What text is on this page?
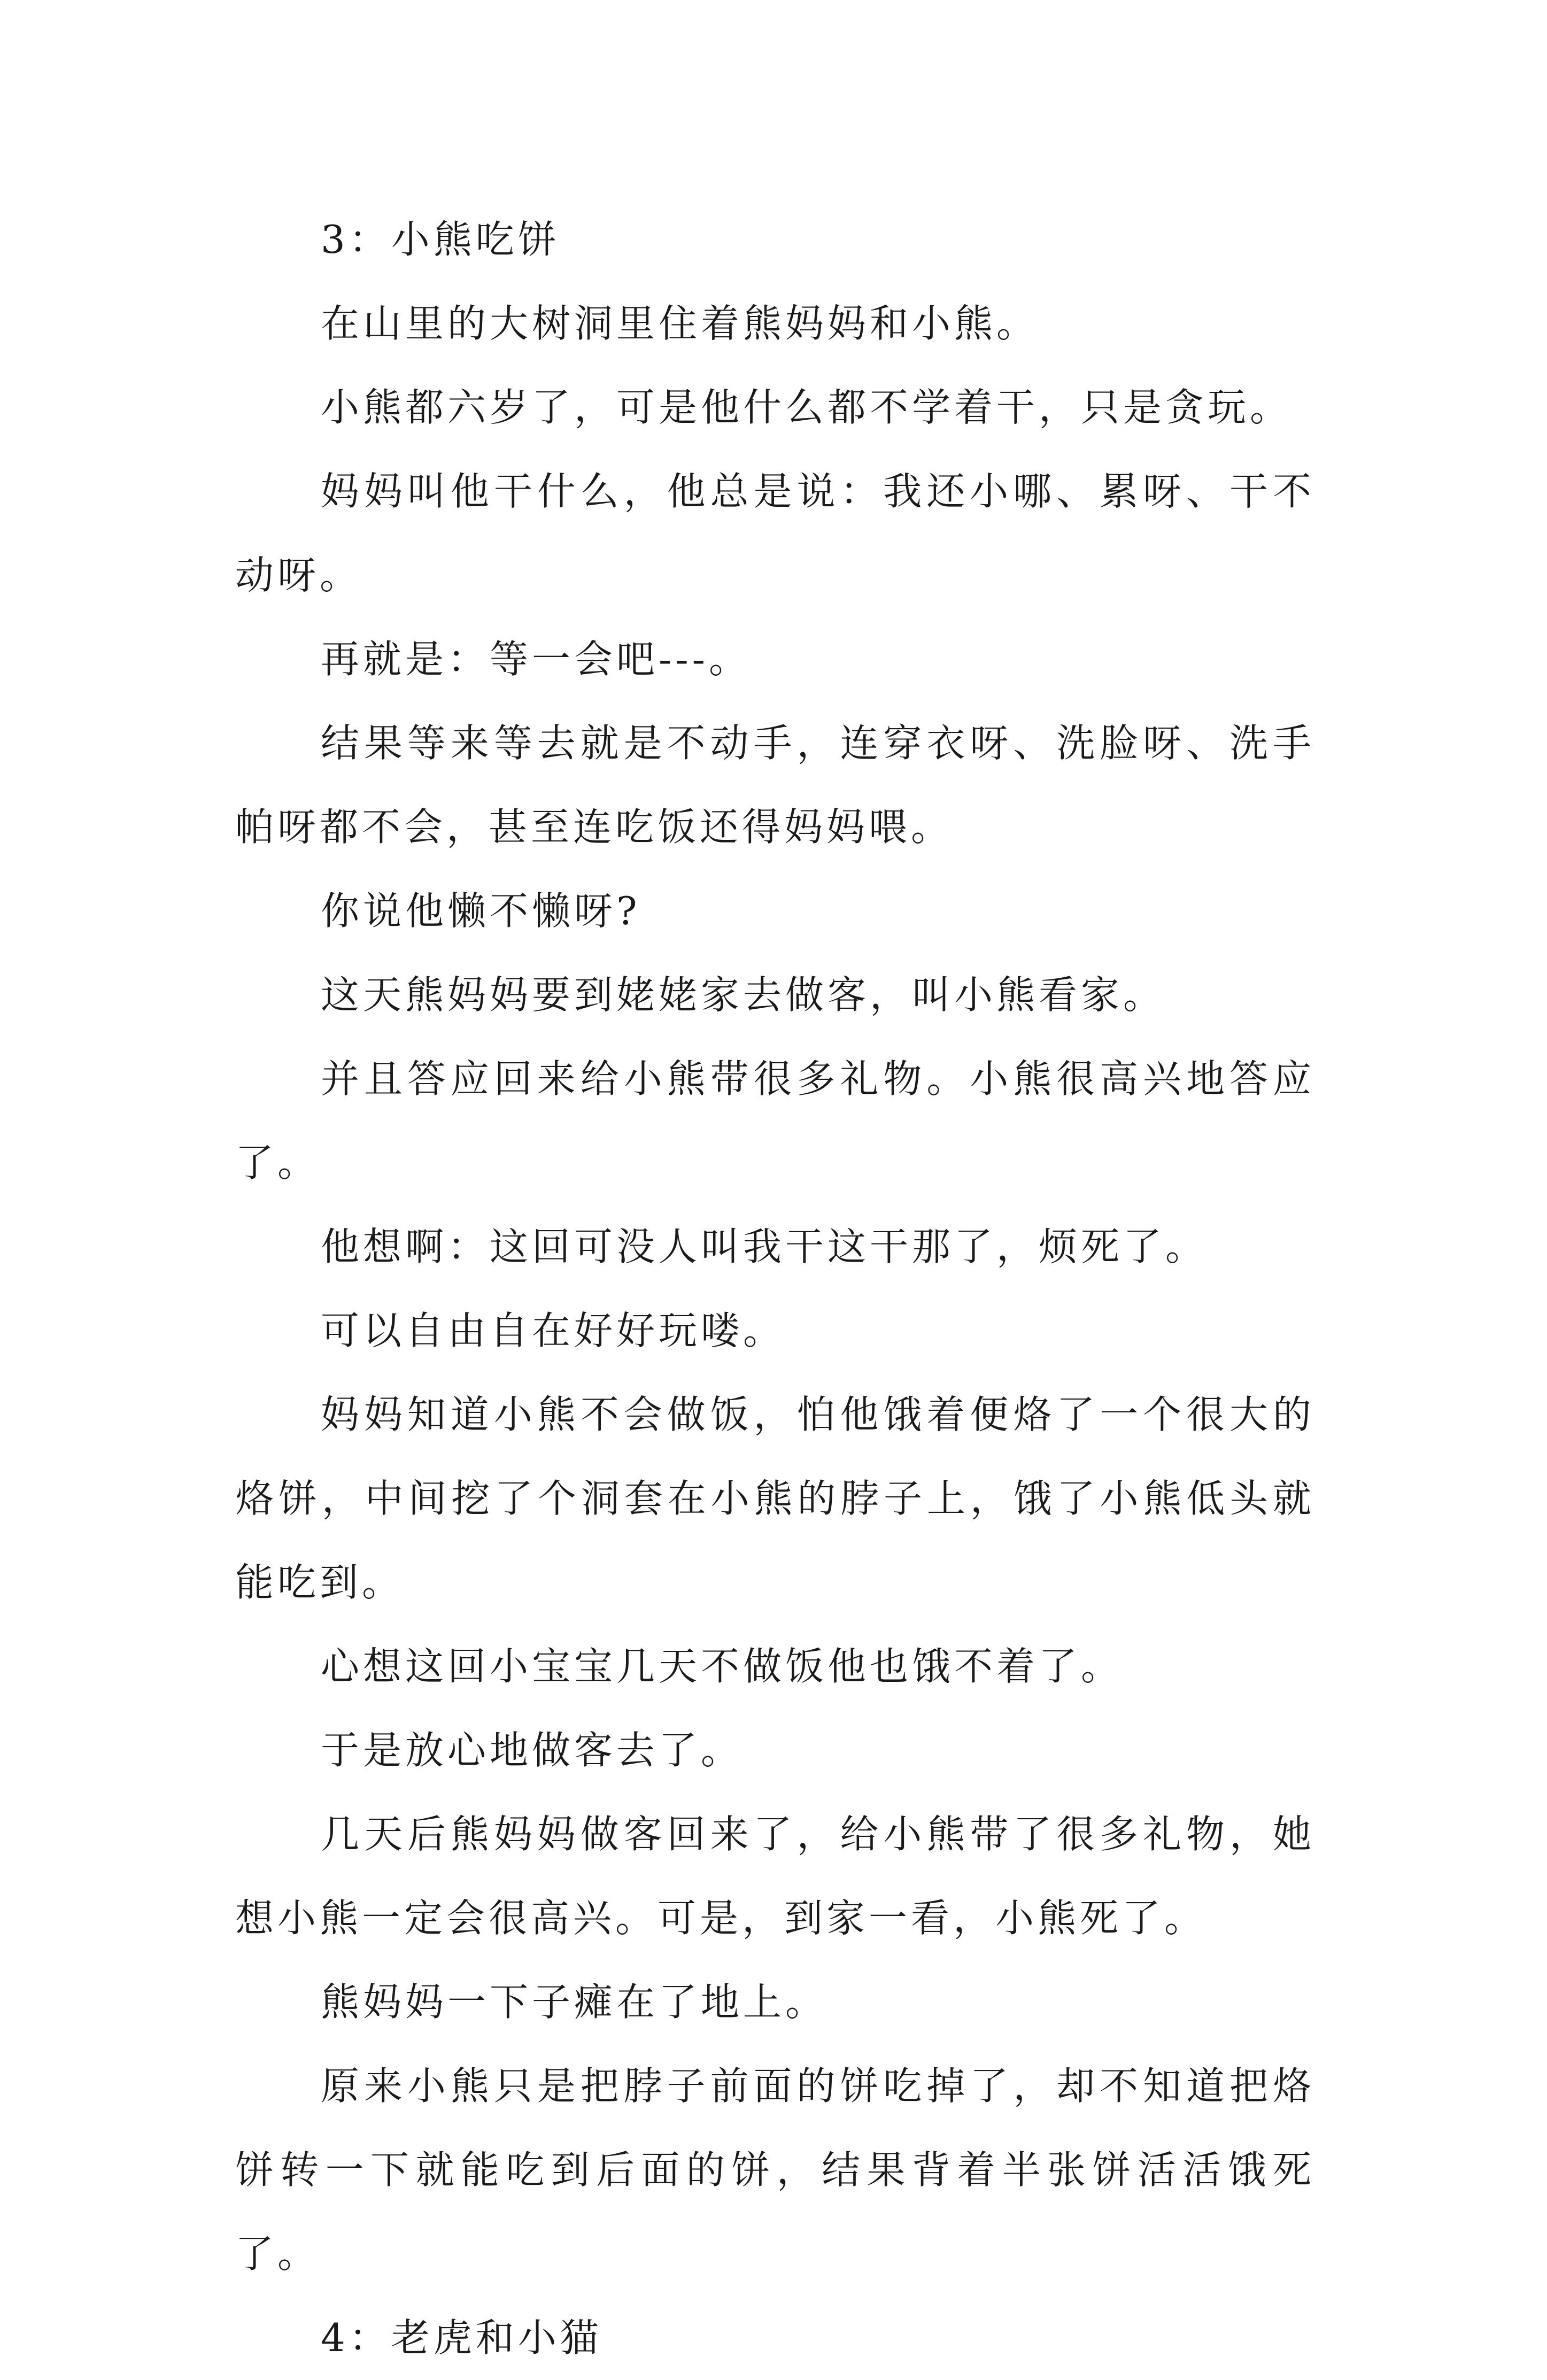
3：小熊吃饼

在山里的大树洞里住着熊妈妈和小熊。

小熊都六岁了，可是他什么都不学着干，只是贪玩。

妈妈叫他干什么，他总是说：我还小哪、累呀、干不动呀。

再就是：等一会吧---。

结果等来等去就是不动手，连穿衣呀、洗脸呀、洗手帕呀都不会，甚至连吃饭还得妈妈喂。

你说他懒不懒呀?

这天熊妈妈要到姥姥家去做客，叫小熊看家。

并且答应回来给小熊带很多礼物。小熊很高兴地答应了。

他想啊：这回可没人叫我干这干那了，烦死了。

可以自由自在好好玩喽。

妈妈知道小熊不会做饭，怕他饿着便烙了一个很大的烙饼，中间挖了个洞套在小熊的脖子上，饿了小熊低头就能吃到。

心想这回小宝宝几天不做饭他也饿不着了。

于是放心地做客去了。

几天后熊妈妈做客回来了，给小熊带了很多礼物，她想小熊一定会很高兴。可是，到家一看，小熊死了。

熊妈妈一下子瘫在了地上。

原来小熊只是把脖子前面的饼吃掉了，却不知道把烙饼转一下就能吃到后面的饼，结果背着半张饼活活饿死了。

4：老虎和小猫
